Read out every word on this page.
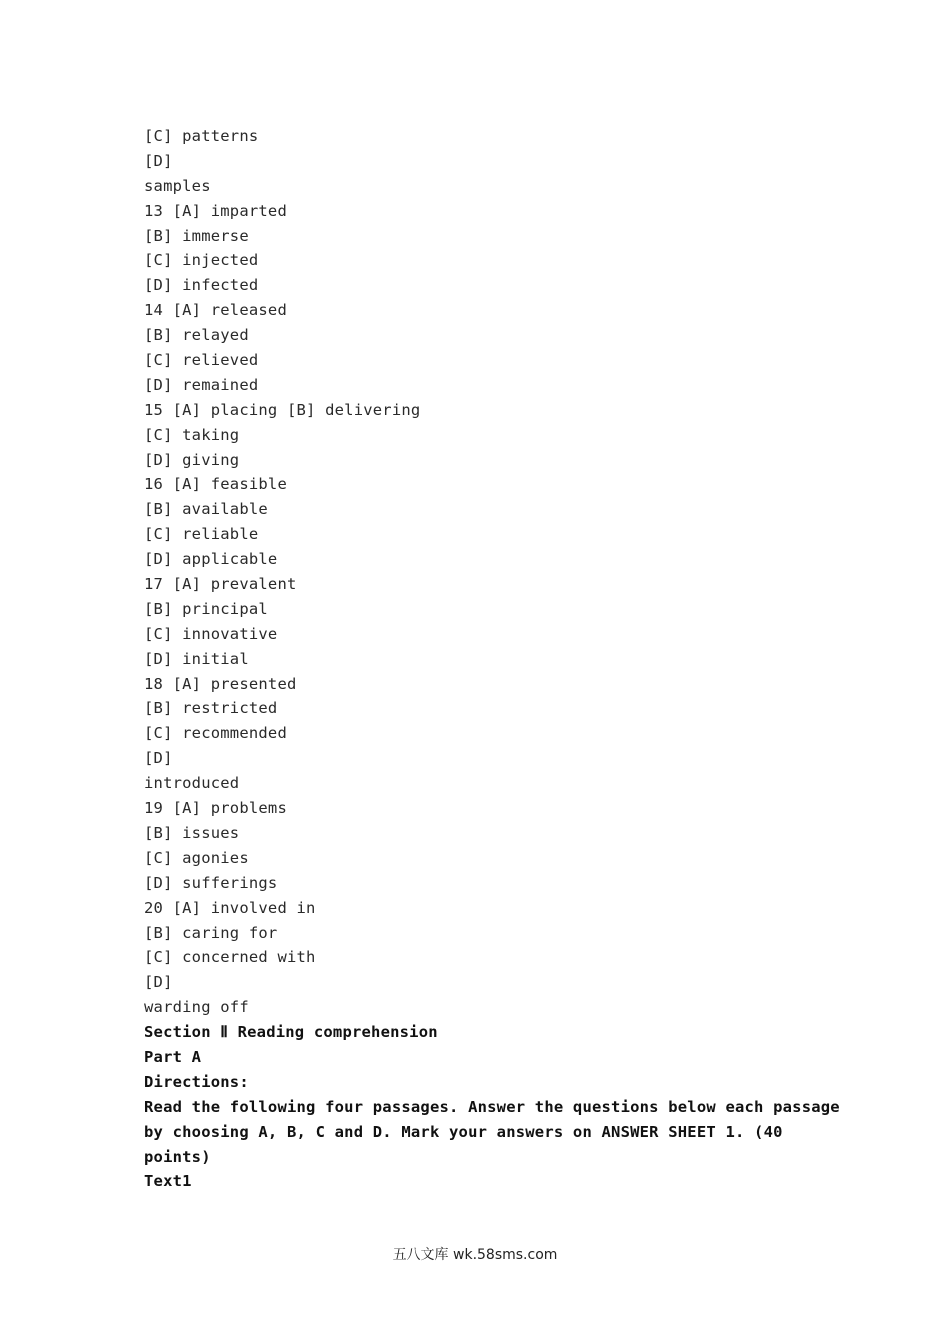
[C] patterns
[D]
samples
13 [A] imparted
[B] immerse
[C] injected
[D] infected
14 [A] released
[B] relayed
[C] relieved
[D] remained
15 [A] placing [B] delivering
[C] taking
[D] giving
16 [A] feasible
[B] available
[C] reliable
[D] applicable
17 [A] prevalent
[B] principal
[C] innovative
[D] initial
18 [A] presented
[B] restricted
[C] recommended
[D]
introduced
19 [A] problems
[B] issues
[C] agonies
[D] sufferings
20 [A] involved in
[B] caring for
[C] concerned with
[D]
warding off
Section Ⅱ Reading comprehension
Part A
Directions:
Read the following four passages. Answer the questions below each passage
by choosing A, B, C and D. Mark your answers on ANSWER SHEET 1. (40
points)
Text1
五八文库 wk.58sms.com
